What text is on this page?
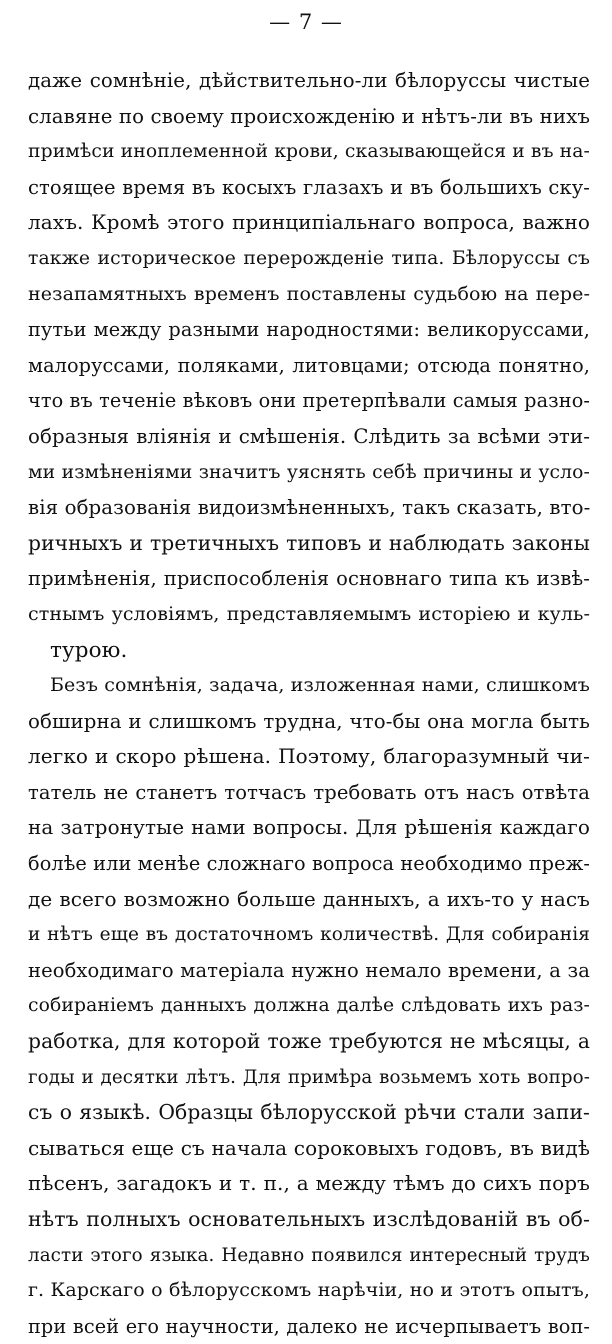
— 7 —
даже сомнѣніе, дѣйствительно-ли бѣлоруссы чистые
славяне по своему происхожденію и нѣтъ-ли въ нихъ
примѣси иноплеменной крови, сказывающейся и въ на-
стоящее время въ косыхъ глазахъ и въ большихъ ску-
лахъ. Кромѣ этого принципіальнаго вопроса, важно
также историческое перерожденіе типа. Бѣлоруссы съ
незапамятныхъ временъ поставлены судьбою на пере-
путьи между разными народностями: великоруссами,
малоруссами, поляками, литовцами; отсюда понятно,
что въ теченіе вѣковъ они претерпѣвали самыя разно-
образныя вліянія и смѣшенія. Слѣдить за всѣми эти-
ми измѣненіями значитъ уяснять себѣ причины и усло-
вія образованія видоизмѣненныхъ, такъ сказать, вто-
ричныхъ и третичныхъ типовъ и наблюдать законы
примѣненія, приспособленія основнаго типа къ извѣ-
стнымъ условіямъ, представляемымъ исторіею и куль-
турою.
Безъ сомнѣнія, задача, изложенная нами, слишкомъ
обширна и слишкомъ трудна, что-бы она могла быть
легко и скоро рѣшена. Поэтому, благоразумный чи-
татель не станетъ тотчасъ требовать отъ насъ отвѣта
на затронутые нами вопросы. Для рѣшенія каждаго
болѣе или менѣе сложнаго вопроса необходимо преж-
де всего возможно больше данныхъ, а ихъ-то у насъ
и нѣтъ еще въ достаточномъ количествѣ. Для собиранія
необходимаго матеріала нужно немало времени, а за
собираніемъ данныхъ должна далѣе слѣдовать ихъ раз-
работка, для которой тоже требуются не мѣсяцы, а
годы и десятки лѣтъ. Для примѣра возьмемъ хоть вопро-
съ о языкѣ. Образцы бѣлорусской рѣчи стали запи-
сываться еще съ начала сороковыхъ годовъ, въ видѣ
пѣсенъ, загадокъ и т. п., а между тѣмъ до сихъ поръ
нѣтъ полныхъ основательныхъ изслѣдованій въ об-
ласти этого языка. Недавно появился интересный трудъ
г. Карскаго о бѣлорусскомъ нарѣчіи, но и этотъ опытъ,
при всей его научности, далеко не исчерпываетъ воп-
